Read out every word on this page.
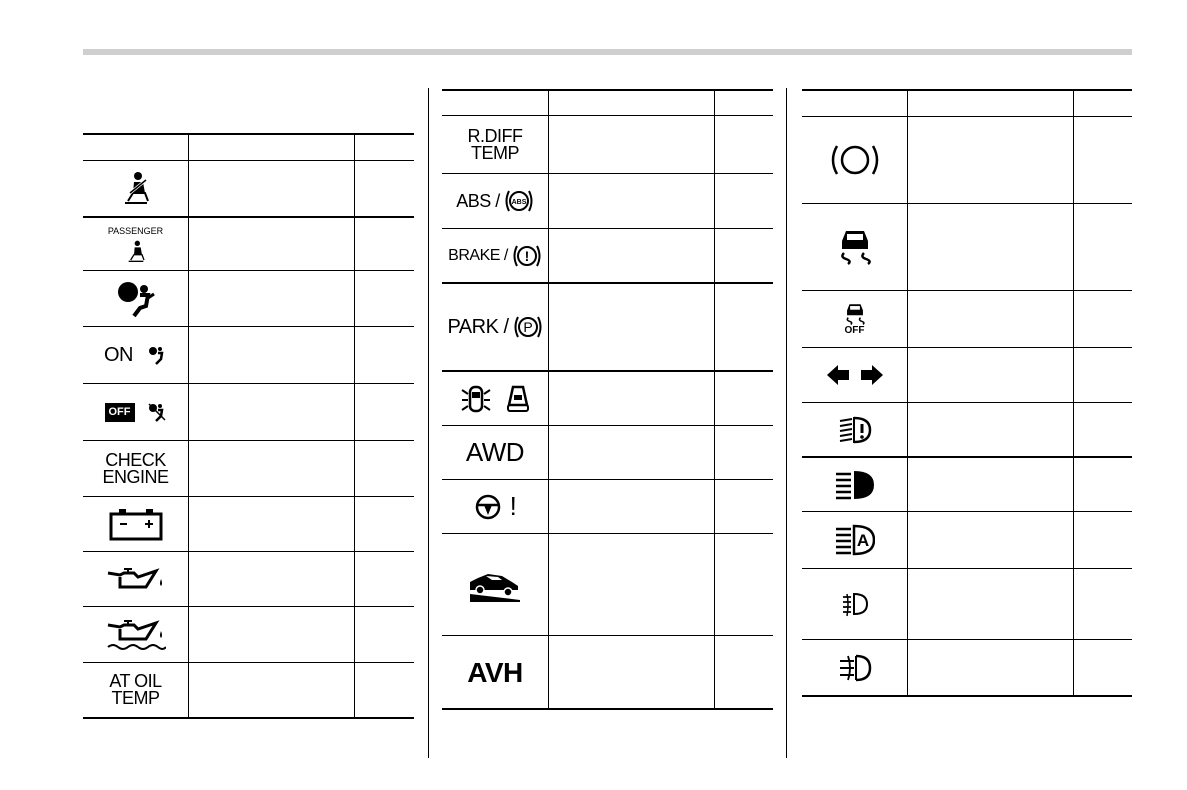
PASSENGER
ON
OFF
CHECK
ENGINE
AT OIL
TEMP
R.DIFF
TEMP
ABS / ABS
BRAKE / !
PARK / P
AWD
!
AVH
OFF
A
